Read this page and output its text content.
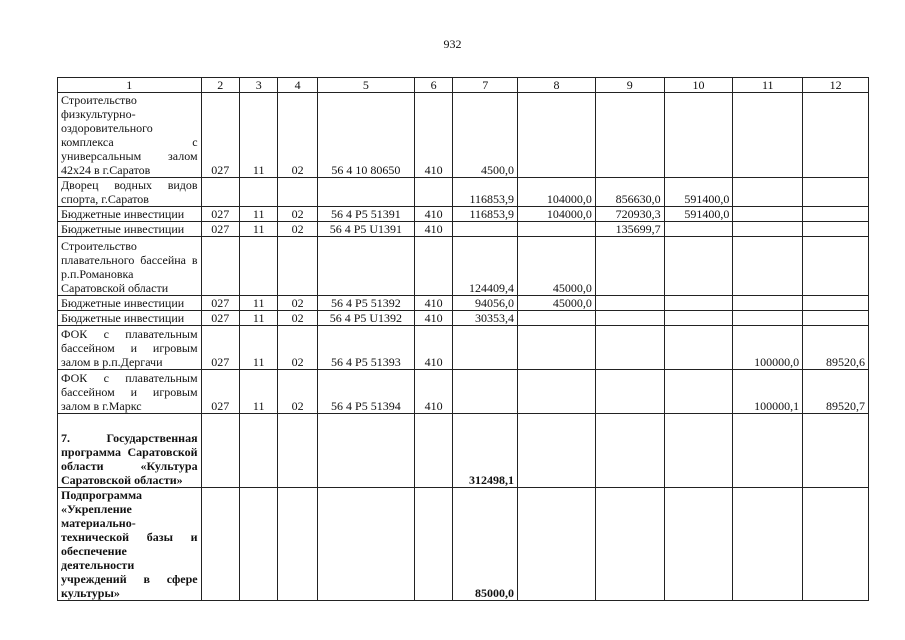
932
1	2	3	4	5	6	7	8	9	10	11	12
Строительство физкультурно-оздоровительного комплекса с универсальным залом 42х24 в г.Саратов	027	11	02	56 4 10 80650	410	4500,0					
Дворец водных видов спорта, г.Саратов						116853,9	104000,0	856630,0	591400,0		
Бюджетные инвестиции	027	11	02	56 4 P5 51391	410	116853,9	104000,0	720930,3	591400,0		
Бюджетные инвестиции	027	11	02	56 4 P5 U1391	410			135699,7			
Строительство плавательного бассейна в р.п.Романовка Саратовской области						124409,4	45000,0				
Бюджетные инвестиции	027	11	02	56 4 P5 51392	410	94056,0	45000,0				
Бюджетные инвестиции	027	11	02	56 4 P5 U1392	410	30353,4					
ФОК с плавательным бассейном и игровым залом в р.п.Дергачи	027	11	02	56 4 P5 51393	410					100000,0	89520,6
ФОК с плавательным бассейном и игровым залом в г.Маркс	027	11	02	56 4 P5 51394	410					100000,1	89520,7
7. Государственная программа Саратовской области «Культура Саратовской области»						312498,1					
Подпрограмма «Укрепление материально-технической базы и обеспечение деятельности учреждений в сфере культуры»						85000,0					
